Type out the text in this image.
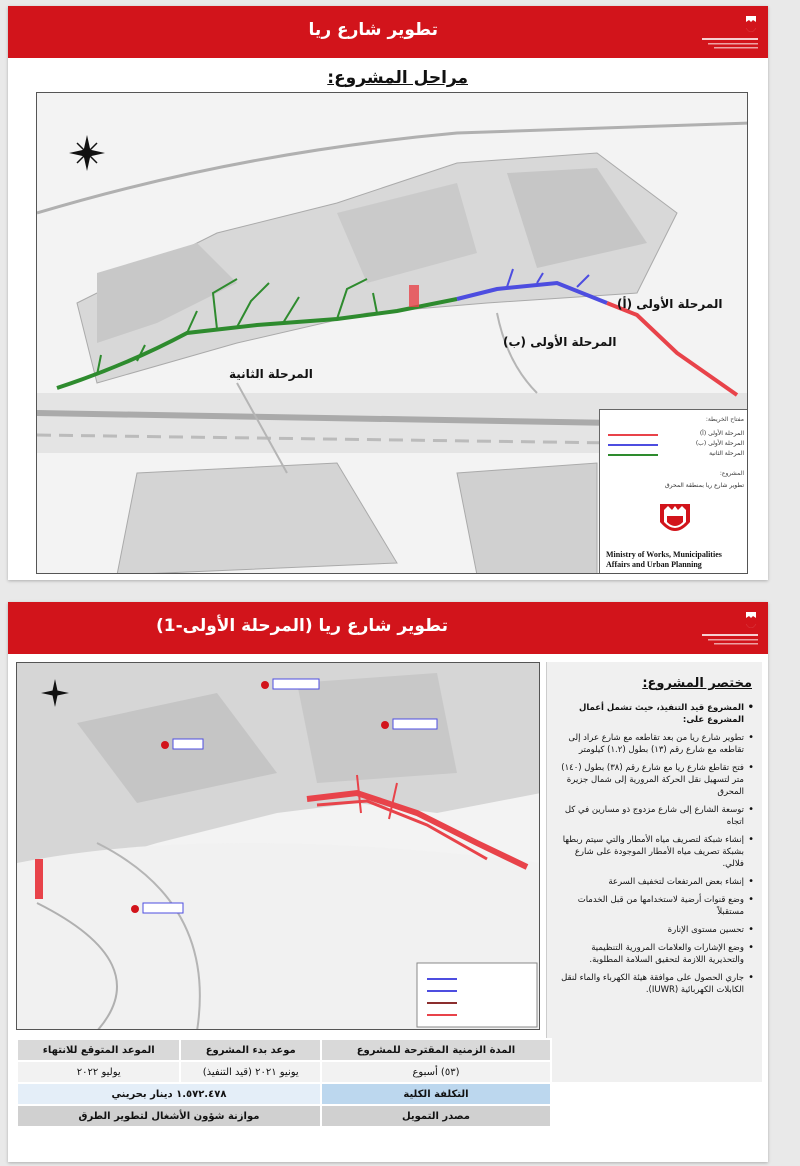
تطوير شارع ريا
مراحل المشروع:
المرحلة الأولى (أ)
المرحلة الأولى (ب)
المرحلة الثانية
مفتاح الخريطة:
المرحلة الأولى (أ)
المرحلة الأولى (ب)
المرحلة الثانية
المشروع:
تطوير شارع ريا بمنطقة المحرق
Ministry of Works, Municipalities
Affairs and Urban Planning
تطوير شارع ريا (المرحلة الأولى-1)
مختصر المشروع:
• المشروع قيد التنفيذ، حيث تشمل أعمال المشروع على:
• تطوير شارع ريا من بعد تقاطعه مع شارع عراد إلى تقاطعه مع شارع رقم (١٣) بطول (١.٢) كيلومتر
• فتح تقاطع شارع ريا مع شارع رقم (٣٨) بطول (١٤٠) متر لتسهيل نقل الحركة المرورية إلى شمال جزيرة المحرق
• توسعة الشارع إلى شارع مزدوج ذو مسارين في كل اتجاه
• إنشاء شبكة لتصريف مياه الأمطار والتي سيتم ربطها بشبكة تصريف مياه الأمطار الموجودة على شارع فلالي.
• إنشاء بعض المرتفعات لتخفيف السرعة
• وضع قنوات أرضية لاستخدامها من قبل الخدمات مستقبلاً
• تحسين مستوى الإنارة
• وضع الإشارات والعلامات المرورية التنظيمية والتحذيرية اللازمة لتحقيق السلامة المطلوبة.
• جاري الحصول على موافقة هيئة الكهرباء والماء لنقل الكابلات الكهربائية (IUWR).
المدة الزمنية المقترحة للمشروع	موعد بدء المشروع	الموعد المتوقع للانتهاء
(٥٣) أسبوع	يونيو ٢٠٢١ (قيد التنفيذ)	يوليو ٢٠٢٢
التكلفة الكلية	١.٥٧٢.٤٧٨ دينار بحريني	
مصدر التمويل	موازنة شؤون الأشغال لتطوير الطرق	
